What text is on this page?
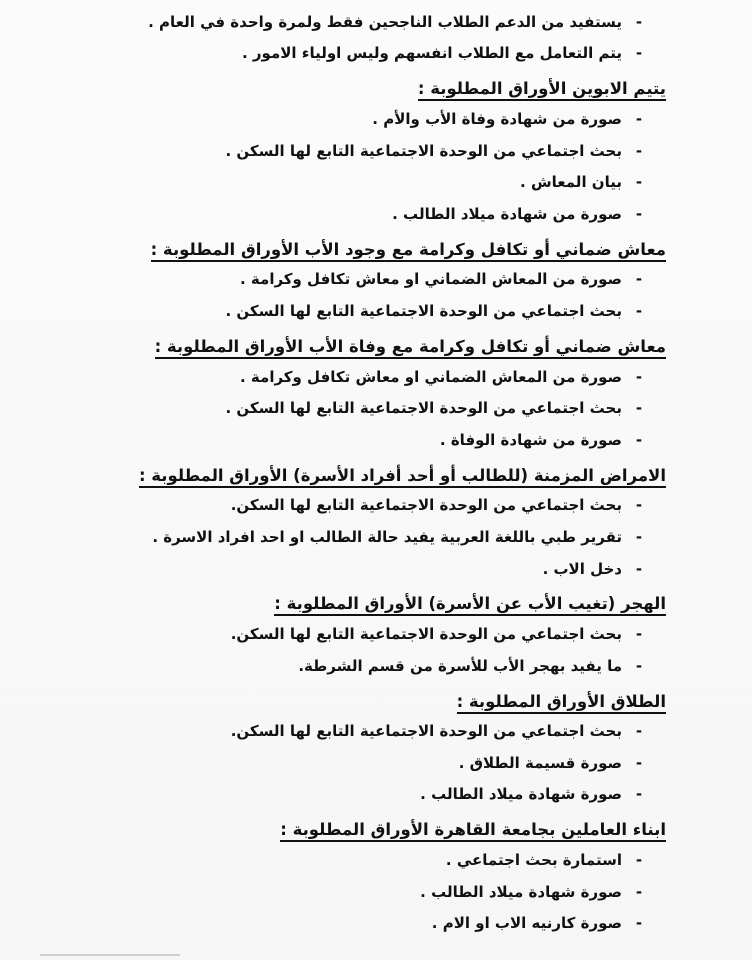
-
يستفيد من الدعم الطلاب الناجحين فقط ولمرة واحدة في العام .
-
يتم التعامل مع الطلاب انفسهم وليس اولياء الامور .
يتيم الابوين الأوراق المطلوبة :
-
صورة من شهادة وفاة الأب والأم .
-
بحث اجتماعي من الوحدة الاجتماعية التابع لها السكن .
-
بيان المعاش .
-
صورة من شهادة ميلاد الطالب .
معاش ضماني أو تكافل وكرامة مع وجود الأب الأوراق المطلوبة :
-
صورة من المعاش الضماني او معاش تكافل وكرامة .
-
بحث اجتماعي من الوحدة الاجتماعية التابع لها السكن .
معاش ضماني أو تكافل وكرامة مع وفاة الأب الأوراق المطلوبة :
-
صورة من المعاش الضماني او معاش تكافل وكرامة .
-
بحث اجتماعي من الوحدة الاجتماعية التابع لها السكن .
-
صورة من شهادة الوفاة .
الامراض المزمنة (للطالب أو أحد أفراد الأسرة) الأوراق المطلوبة :
-
بحث اجتماعي من الوحدة الاجتماعية التابع لها السكن.
-
تقرير طبي باللغة العربية يفيد حالة الطالب او احد افراد الاسرة .
-
دخل الاب .
الهجر (تغيب الأب عن الأسرة) الأوراق المطلوبة :
-
بحث اجتماعي من الوحدة الاجتماعية التابع لها السكن.
-
ما يفيد بهجر الأب للأسرة من قسم الشرطة.
الطلاق الأوراق المطلوبة :
-
بحث اجتماعي من الوحدة الاجتماعية التابع لها السكن.
-
صورة قسيمة الطلاق .
-
صورة شهادة ميلاد الطالب .
ابناء العاملين بجامعة القاهرة الأوراق المطلوبة :
-
استمارة بحث اجتماعي .
-
صورة شهادة ميلاد الطالب .
-
صورة كارنيه الاب او الام .
